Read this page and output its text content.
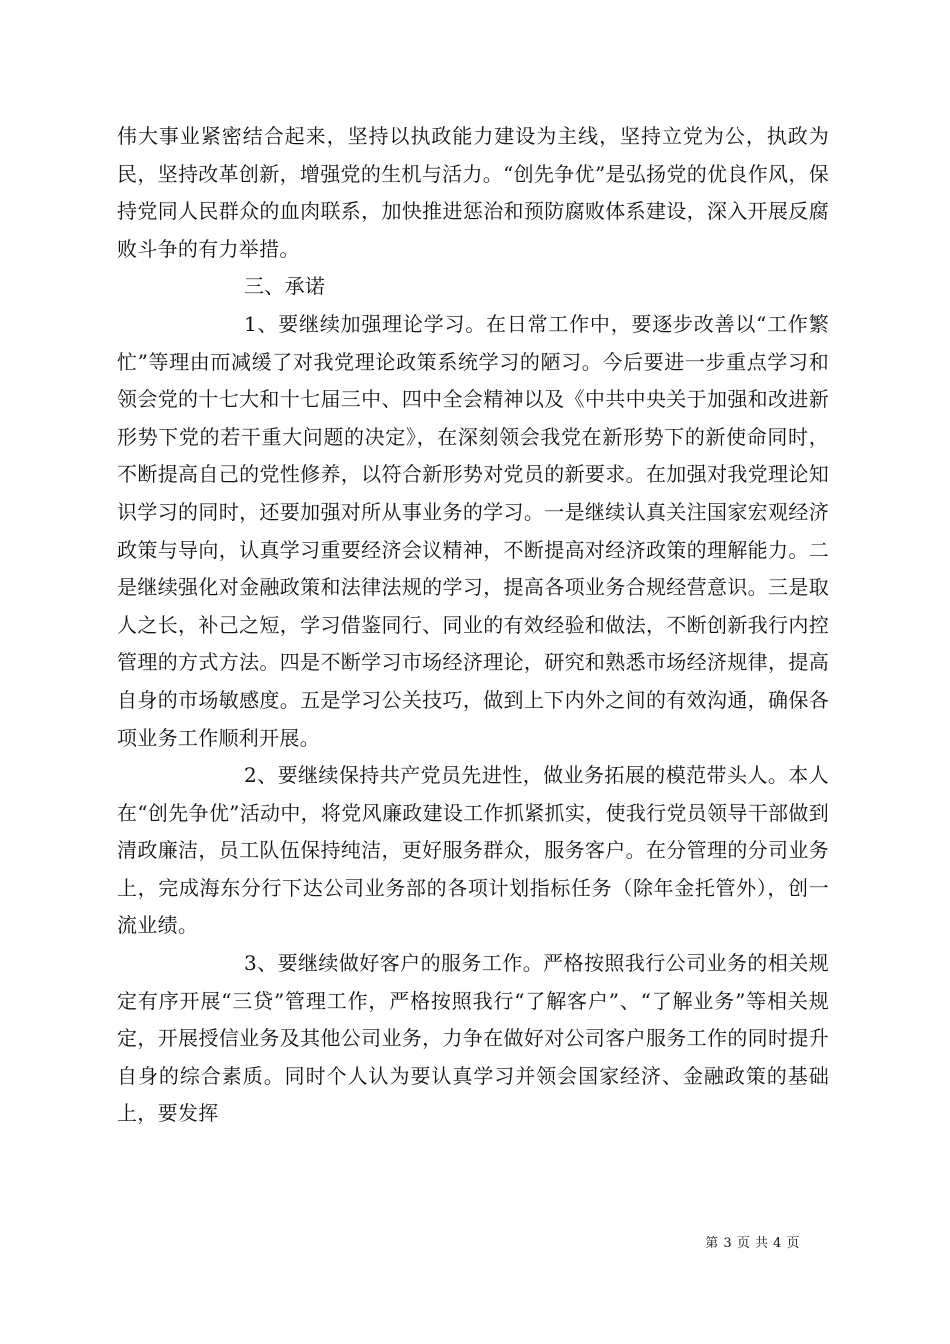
伟大事业紧密结合起来，坚持以执政能力建设为主线，坚持立党为公，执政为民，坚持改革创新，增强党的生机与活力。“创先争优”是弘扬党的优良作风，保持党同人民群众的血肉联系，加快推进惩治和预防腐败体系建设，深入开展反腐败斗争的有力举措。

三、承诺

1、要继续加强理论学习。在日常工作中，要逐步改善以“工作繁忙”等理由而减缓了对我党理论政策系统学习的陋习。今后要进一步重点学习和领会党的十七大和十七届三中、四中全会精神以及《中共中央关于加强和改进新形势下党的若干重大问题的决定》，在深刻领会我党在新形势下的新使命同时，不断提高自己的党性修养，以符合新形势对党员的新要求。在加强对我党理论知识学习的同时，还要加强对所从事业务的学习。一是继续认真关注国家宏观经济政策与导向，认真学习重要经济会议精神，不断提高对经济政策的理解能力。二是继续强化对金融政策和法律法规的学习，提高各项业务合规经营意识。三是取人之长，补己之短，学习借鉴同行、同业的有效经验和做法，不断创新我行内控管理的方式方法。四是不断学习市场经济理论，研究和熟悉市场经济规律，提高自身的市场敏感度。五是学习公关技巧，做到上下内外之间的有效沟通，确保各项业务工作顺利开展。

2、要继续保持共产党员先进性，做业务拓展的模范带头人。本人在“创先争优”活动中，将党风廉政建设工作抓紧抓实，使我行党员领导干部做到清政廉洁，员工队伍保持纯洁，更好服务群众，服务客户。在分管理的分司业务上，完成海东分行下达公司业务部的各项计划指标任务（除年金托管外），创一流业绩。

3、要继续做好客户的服务工作。严格按照我行公司业务的相关规定有序开展“三贷”管理工作，严格按照我行“了解客户”、“了解业务”等相关规定，开展授信业务及其他公司业务，力争在做好对公司客户服务工作的同时提升自身的综合素质。同时个人认为要认真学习并领会国家经济、金融政策的基础上，要发挥

第 3 页 共 4 页
